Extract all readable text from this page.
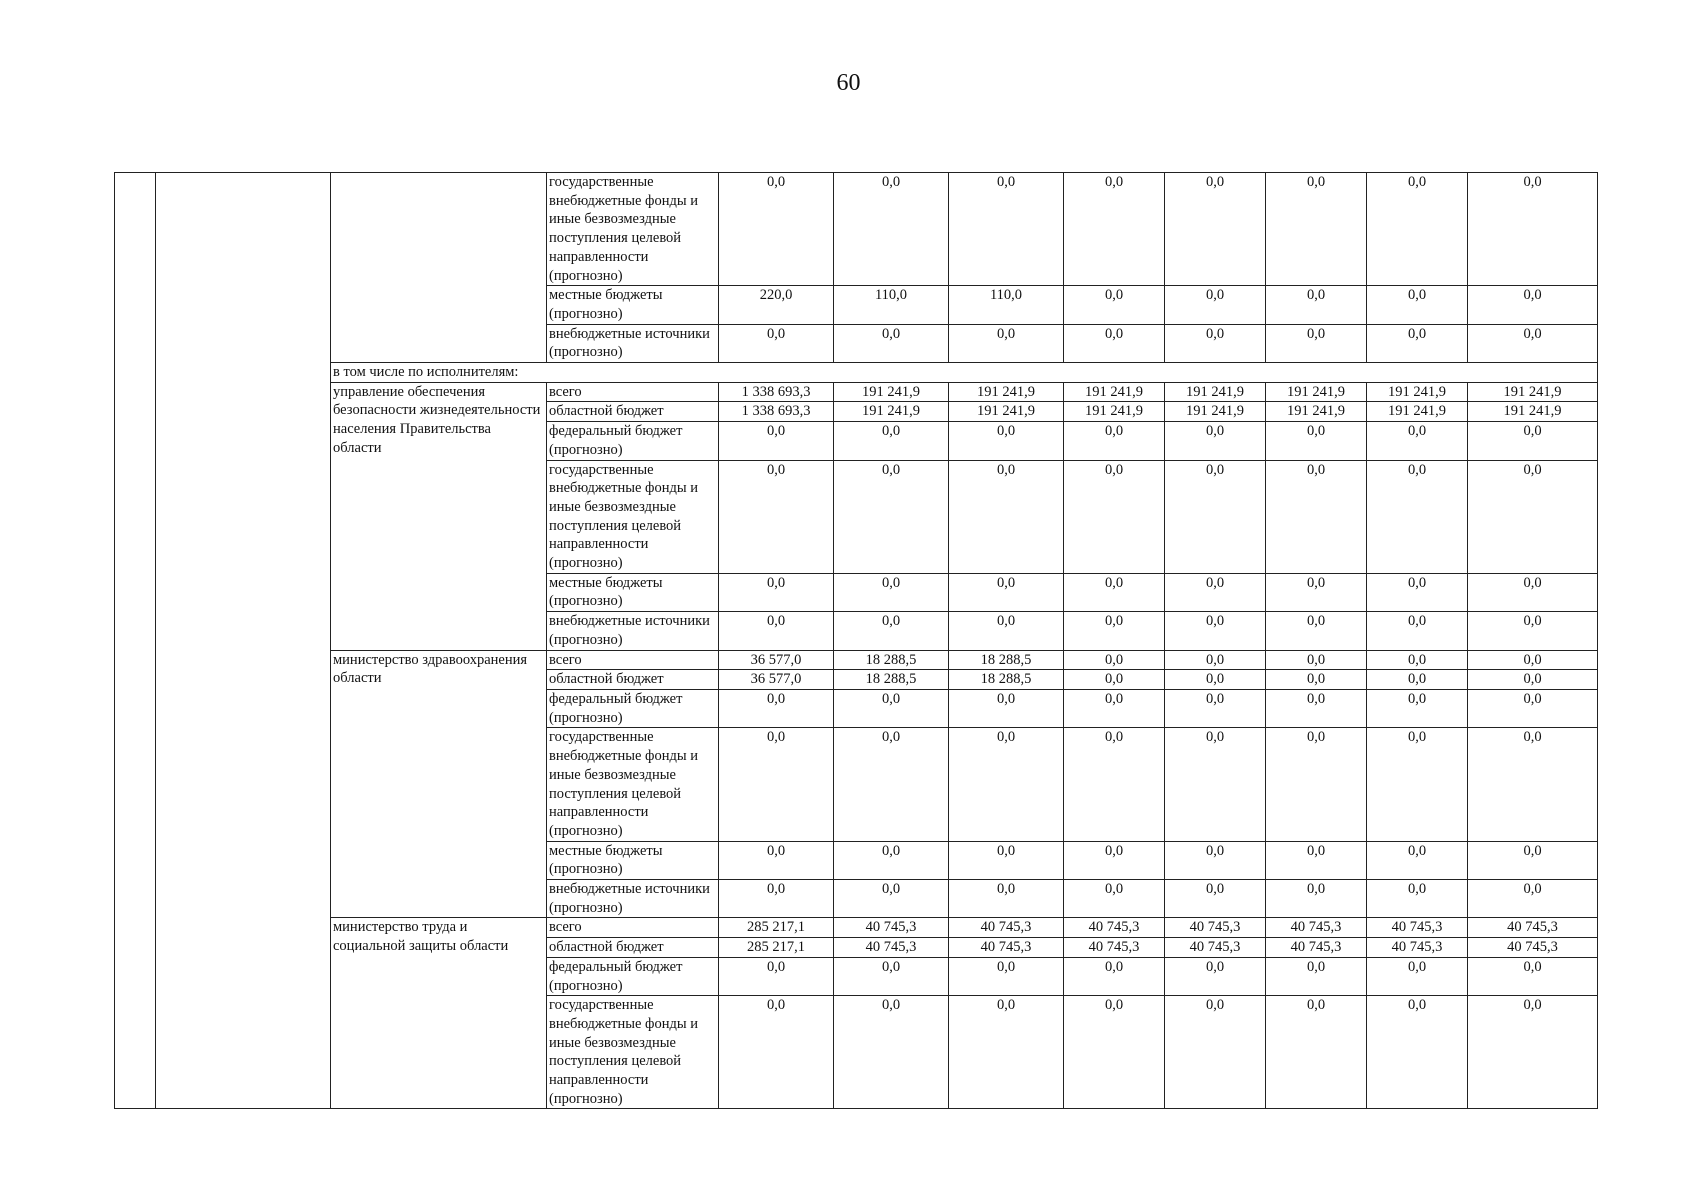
60
			государственные внебюджетные фонды и иные безвозмездные поступления целевой направленности (прогнозно)	0,0	0,0	0,0	0,0	0,0	0,0	0,0	0,0
			местные бюджеты (прогнозно)	220,0	110,0	110,0	0,0	0,0	0,0	0,0	0,0
			внебюджетные источники (прогнозно)	0,0	0,0	0,0	0,0	0,0	0,0	0,0	0,0
		в том числе по исполнителям:									
		управление обеспечения безопасности жизнедеятельности населения Правительства области	всего	1 338 693,3	191 241,9	191 241,9	191 241,9	191 241,9	191 241,9	191 241,9	191 241,9
			областной бюджет	1 338 693,3	191 241,9	191 241,9	191 241,9	191 241,9	191 241,9	191 241,9	191 241,9
			федеральный бюджет (прогнозно)	0,0	0,0	0,0	0,0	0,0	0,0	0,0	0,0
			государственные внебюджетные фонды и иные безвозмездные поступления целевой направленности (прогнозно)	0,0	0,0	0,0	0,0	0,0	0,0	0,0	0,0
			местные бюджеты (прогнозно)	0,0	0,0	0,0	0,0	0,0	0,0	0,0	0,0
			внебюджетные источники (прогнозно)	0,0	0,0	0,0	0,0	0,0	0,0	0,0	0,0
		министерство здравоохранения области	всего	36 577,0	18 288,5	18 288,5	0,0	0,0	0,0	0,0	0,0
			областной бюджет	36 577,0	18 288,5	18 288,5	0,0	0,0	0,0	0,0	0,0
			федеральный бюджет (прогнозно)	0,0	0,0	0,0	0,0	0,0	0,0	0,0	0,0
			государственные внебюджетные фонды и иные безвозмездные поступления целевой направленности (прогнозно)	0,0	0,0	0,0	0,0	0,0	0,0	0,0	0,0
			местные бюджеты (прогнозно)	0,0	0,0	0,0	0,0	0,0	0,0	0,0	0,0
			внебюджетные источники (прогнозно)	0,0	0,0	0,0	0,0	0,0	0,0	0,0	0,0
		министерство труда и социальной защиты области	всего	285 217,1	40 745,3	40 745,3	40 745,3	40 745,3	40 745,3	40 745,3	40 745,3
			областной бюджет	285 217,1	40 745,3	40 745,3	40 745,3	40 745,3	40 745,3	40 745,3	40 745,3
			федеральный бюджет (прогнозно)	0,0	0,0	0,0	0,0	0,0	0,0	0,0	0,0
			государственные внебюджетные фонды и иные безвозмездные поступления целевой направленности (прогнозно)	0,0	0,0	0,0	0,0	0,0	0,0	0,0	0,0
